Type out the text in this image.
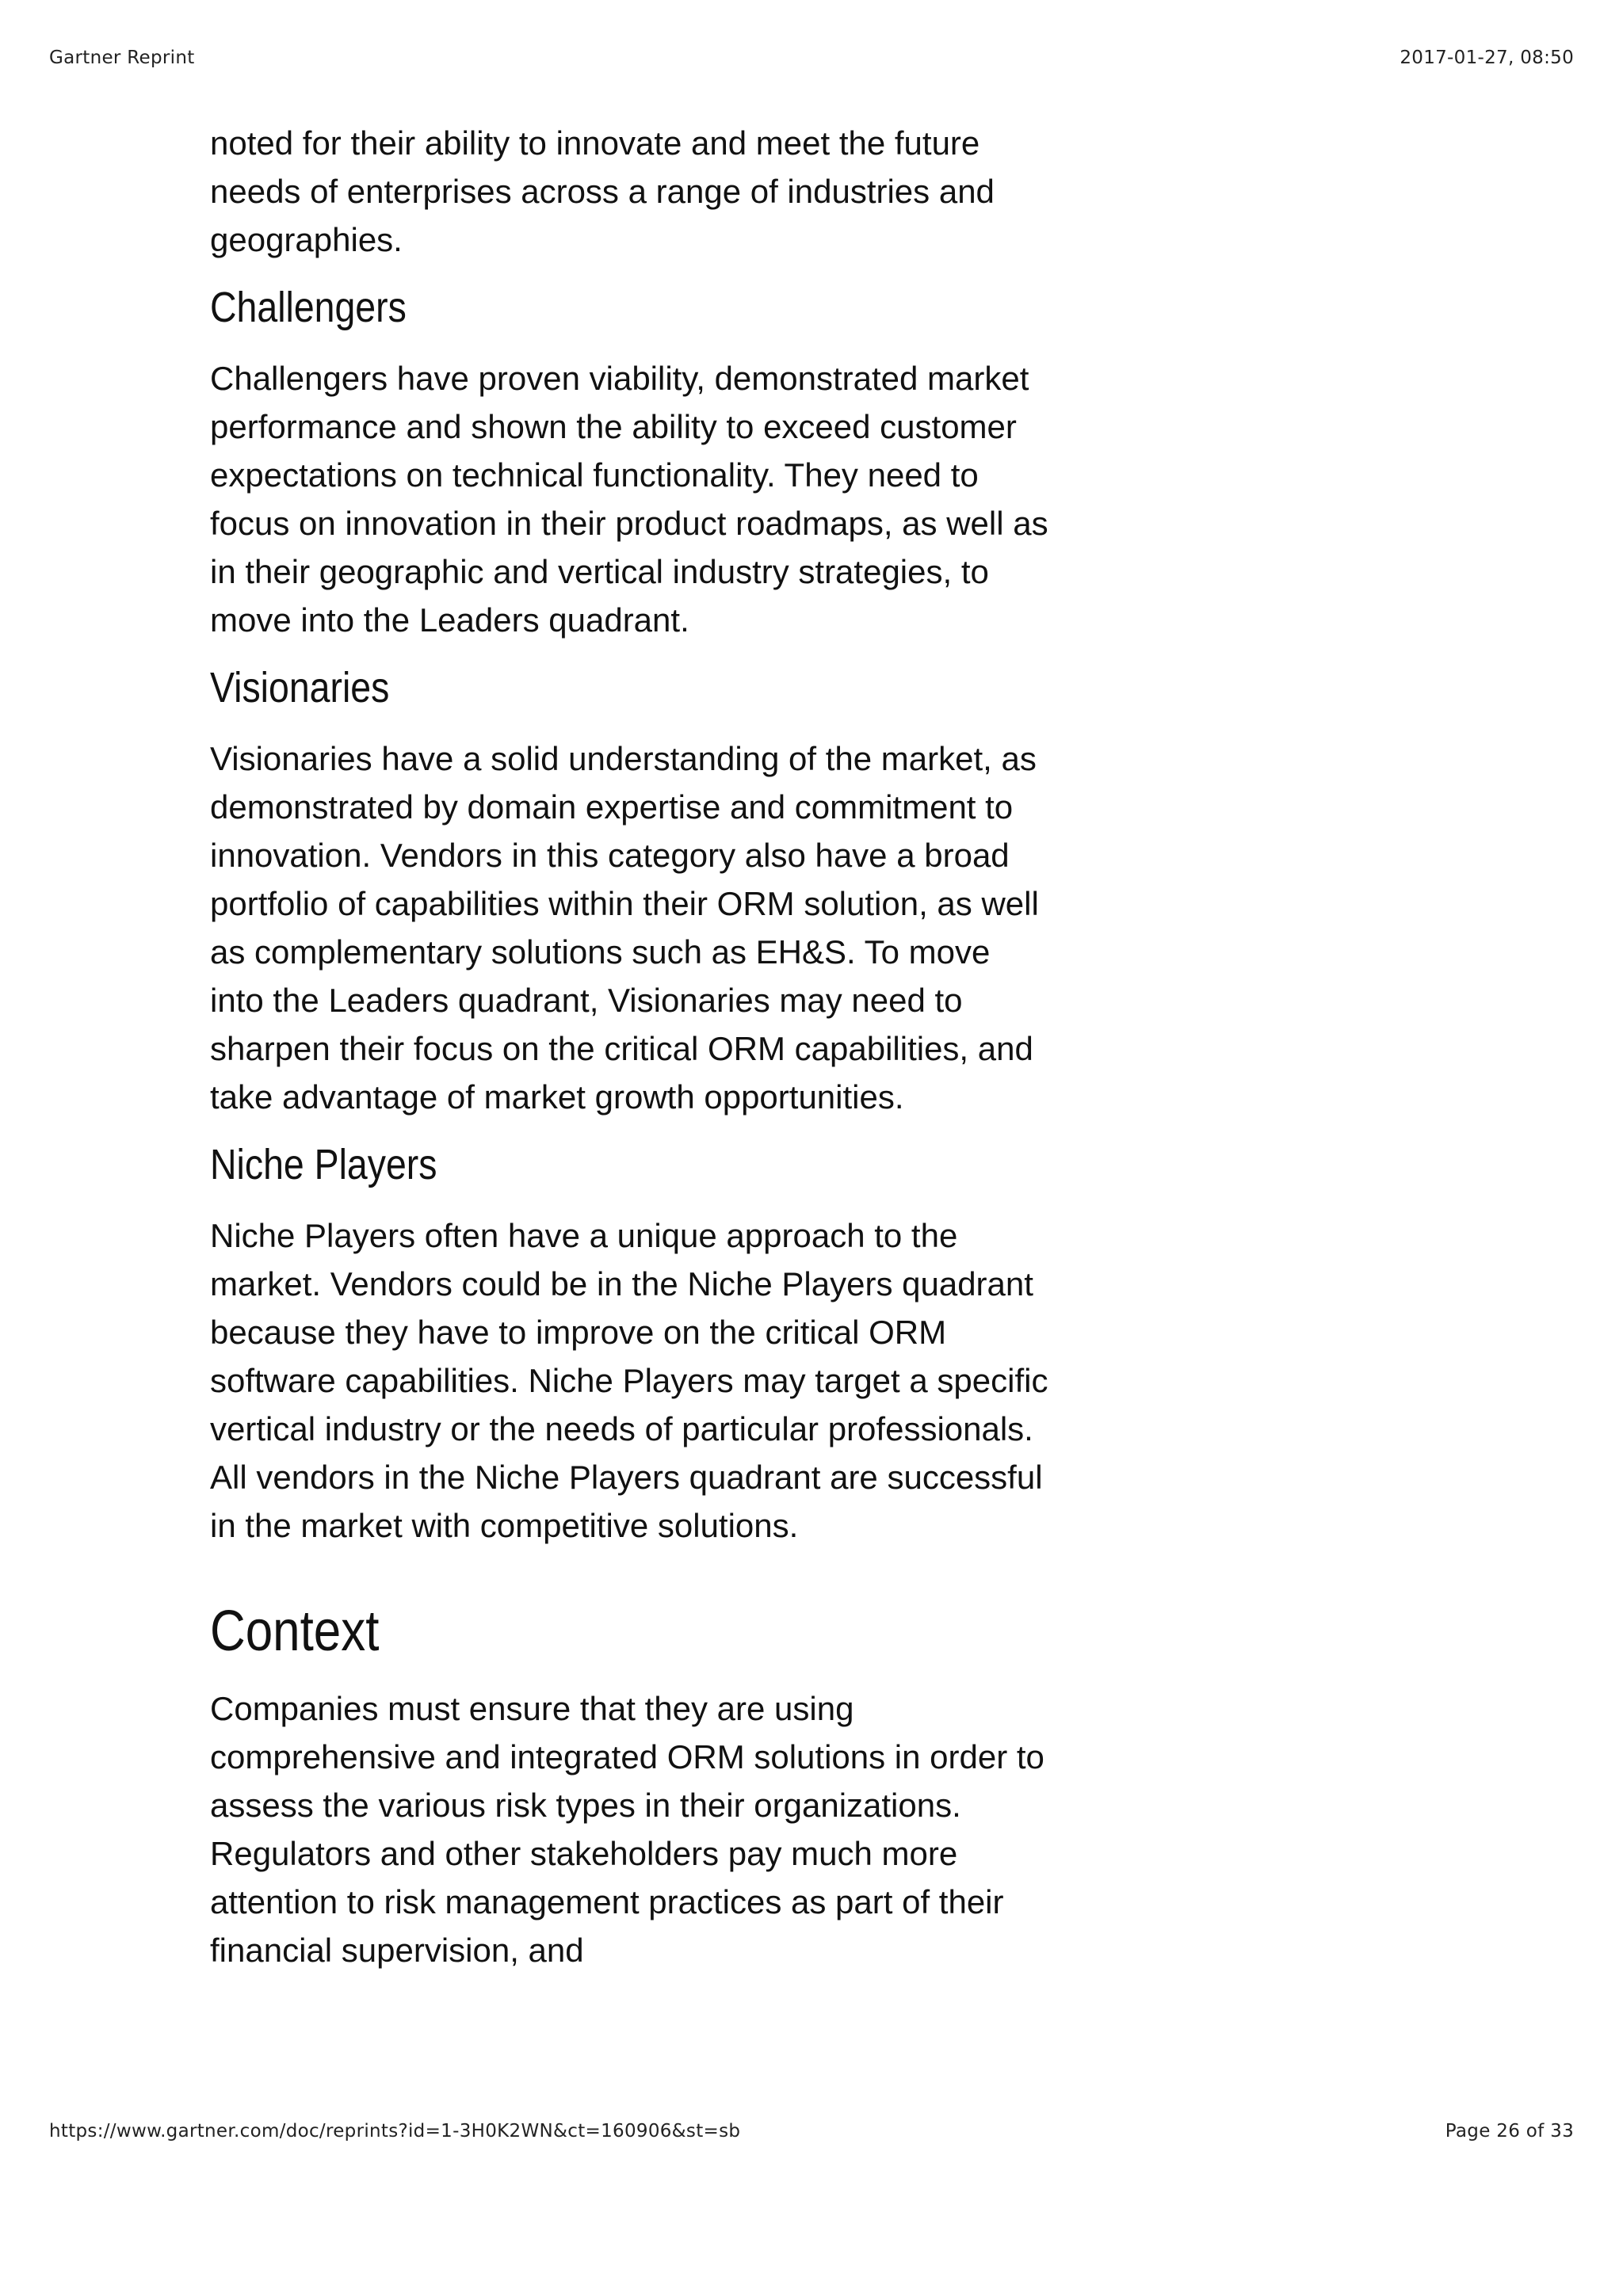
Gartner Reprint	2017-01-27, 08:50

noted for their ability to innovate and meet the future needs of enterprises across a range of industries and geographies.

Challengers

Challengers have proven viability, demonstrated market performance and shown the ability to exceed customer expectations on technical functionality. They need to focus on innovation in their product roadmaps, as well as in their geographic and vertical industry strategies, to move into the Leaders quadrant.

Visionaries

Visionaries have a solid understanding of the market, as demonstrated by domain expertise and commitment to innovation. Vendors in this category also have a broad portfolio of capabilities within their ORM solution, as well as complementary solutions such as EH&S. To move into the Leaders quadrant, Visionaries may need to sharpen their focus on the critical ORM capabilities, and take advantage of market growth opportunities.

Niche Players

Niche Players often have a unique approach to the market. Vendors could be in the Niche Players quadrant because they have to improve on the critical ORM software capabilities. Niche Players may target a specific vertical industry or the needs of particular professionals. All vendors in the Niche Players quadrant are successful in the market with competitive solutions.

Context

Companies must ensure that they are using comprehensive and integrated ORM solutions in order to assess the various risk types in their organizations. Regulators and other stakeholders pay much more attention to risk management practices as part of their financial supervision, and

https://www.gartner.com/doc/reprints?id=1-3H0K2WN&ct=160906&st=sb	Page 26 of 33
